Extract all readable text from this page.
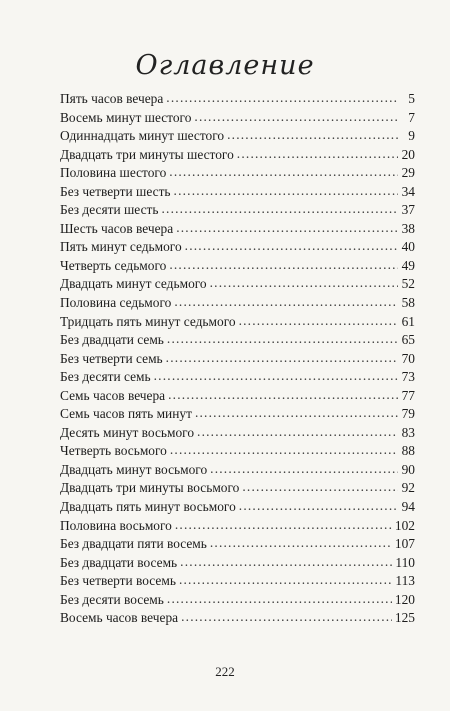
Оглавление
Пять часов вечера .....	5
Восемь минут шестого .....	7
Одиннадцать минут шестого .....	9
Двадцать три минуты шестого .....	20
Половина шестого .....	29
Без четверти шесть .....	34
Без десяти шесть .....	37
Шесть часов вечера .....	38
Пять минут седьмого .....	40
Четверть седьмого .....	49
Двадцать минут седьмого .....	52
Половина седьмого .....	58
Тридцать пять минут седьмого .....	61
Без двадцати семь .....	65
Без четверти семь .....	70
Без десяти семь .....	73
Семь часов вечера .....	77
Семь часов пять минут .....	79
Десять минут восьмого .....	83
Четверть восьмого .....	88
Двадцать минут восьмого .....	90
Двадцать три минуты восьмого .....	92
Двадцать пять минут восьмого .....	94
Половина восьмого .....	102
Без двадцати пяти восемь .....	107
Без двадцати восемь .....	110
Без четверти восемь .....	113
Без десяти восемь .....	120
Восемь часов вечера .....	125
222
